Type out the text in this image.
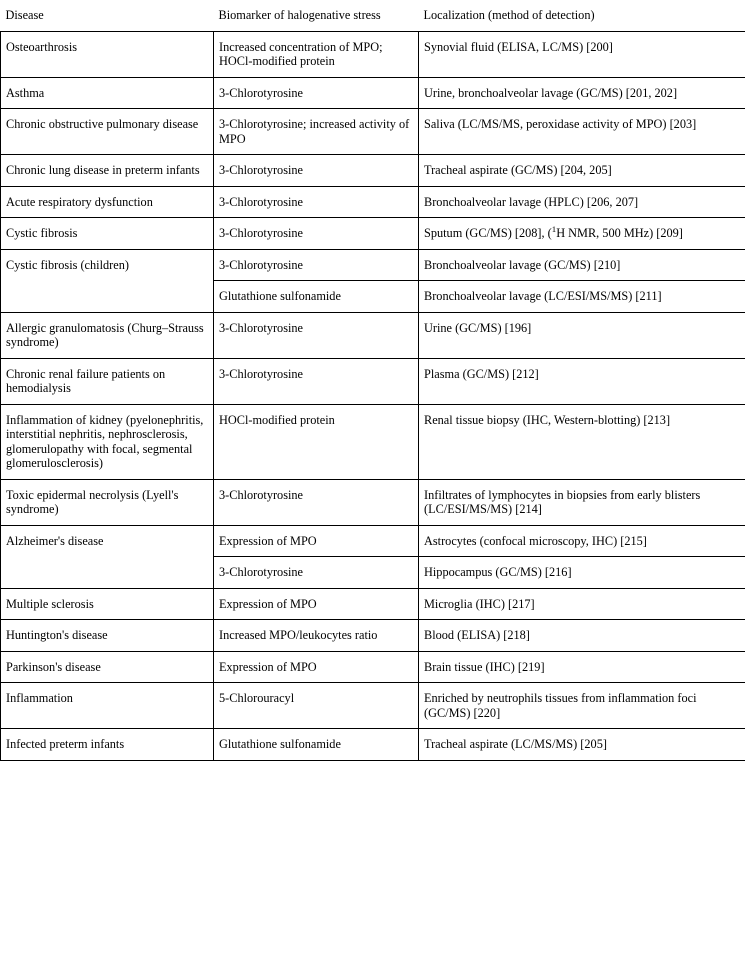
Disease	Biomarker of halogenative stress	Localization (method of detection)
Osteoarthrosis	Increased concentration of MPO; HOCl-modified protein	Synovial fluid (ELISA, LC/MS) [200]
Asthma	3-Chlorotyrosine	Urine, bronchoalveolar lavage (GC/MS) [201, 202]
Chronic obstructive pulmonary disease	3-Chlorotyrosine; increased activity of MPO	Saliva (LC/MS/MS, peroxidase activity of MPO) [203]
Chronic lung disease in preterm infants	3-Chlorotyrosine	Tracheal aspirate (GC/MS) [204, 205]
Acute respiratory dysfunction	3-Chlorotyrosine	Bronchoalveolar lavage (HPLC) [206, 207]
Cystic fibrosis	3-Chlorotyrosine	Sputum (GC/MS) [208], ($^1$H NMR, 500 MHz) [209]
Cystic fibrosis (children)	3-Chlorotyrosine	Bronchoalveolar lavage (GC/MS) [210]
	Glutathione sulfonamide	Bronchoalveolar lavage (LC/ESI/MS/MS) [211]
Allergic granulomatosis (Churg–Strauss syndrome)	3-Chlorotyrosine	Urine (GC/MS) [196]
Chronic renal failure patients on hemodialysis	3-Chlorotyrosine	Plasma (GC/MS) [212]
Inflammation of kidney (pyelonephritis, interstitial nephritis, nephrosclerosis, glomerulopathy with focal, segmental glomerulosclerosis)	HOCl-modified protein	Renal tissue biopsy (IHC, Western-blotting) [213]
Toxic epidermal necrolysis (Lyell's syndrome)	3-Chlorotyrosine	Infiltrates of lymphocytes in biopsies from early blisters (LC/ESI/MS/MS) [214]
Alzheimer's disease	Expression of MPO	Astrocytes (confocal microscopy, IHC) [215]
	3-Chlorotyrosine	Hippocampus (GC/MS) [216]
Multiple sclerosis	Expression of MPO	Microglia (IHC) [217]
Huntington's disease	Increased MPO/leukocytes ratio	Blood (ELISA) [218]
Parkinson's disease	Expression of MPO	Brain tissue (IHC) [219]
Inflammation	5-Chlorouracyl	Enriched by neutrophils tissues from inflammation foci (GC/MS) [220]
Infected preterm infants	Glutathione sulfonamide	Tracheal aspirate (LC/MS/MS) [205]
